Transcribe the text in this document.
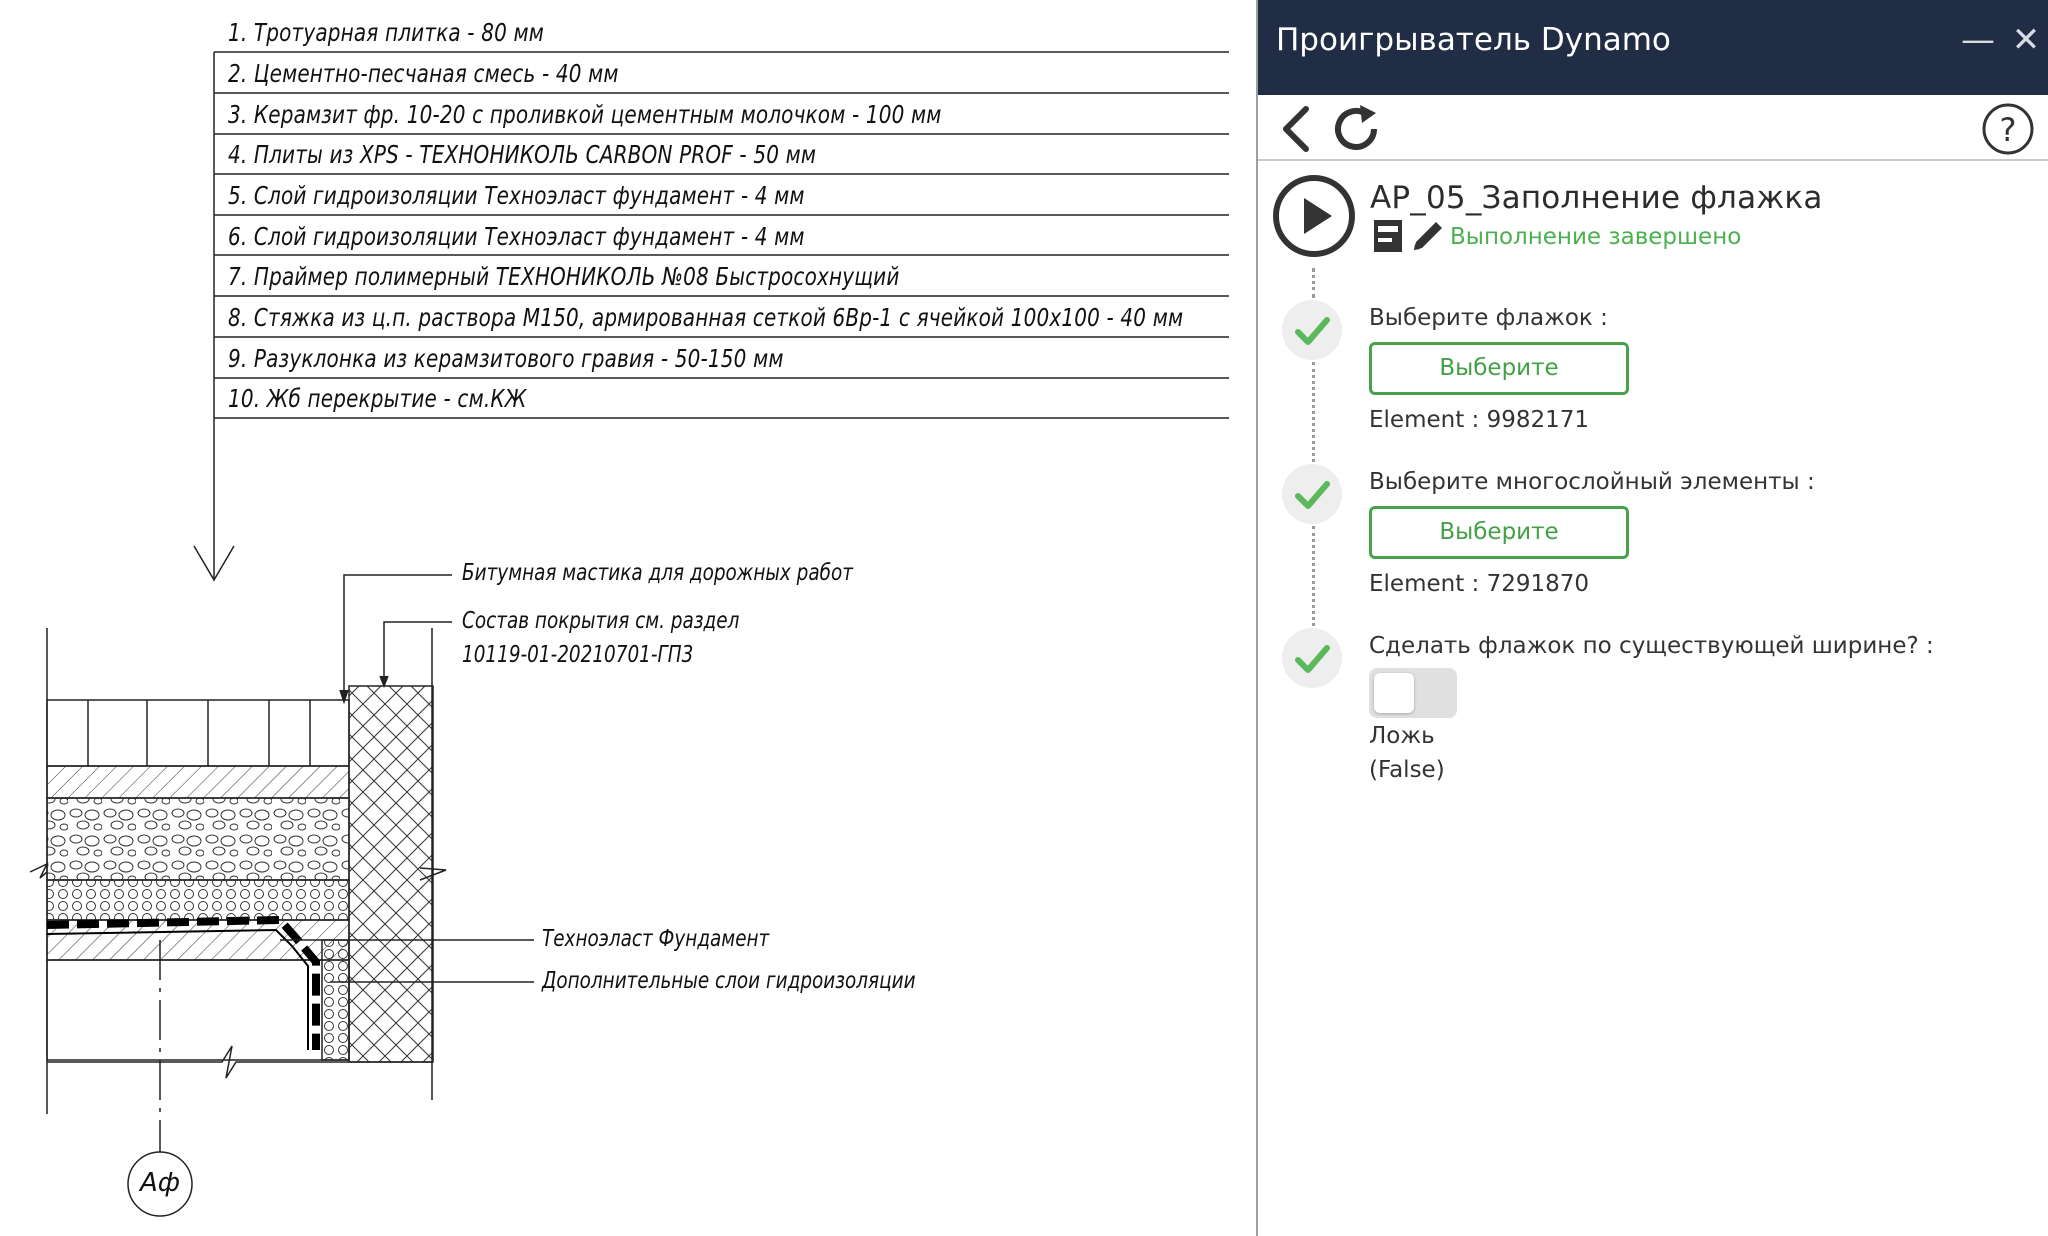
1. Тротуарная плитка - 80 мм
2. Цементно-песчаная смесь - 40 мм
3. Керамзит фр. 10-20 с проливкой цементным молочком - 100 мм
4. Плиты из XPS - ТЕХНОНИКОЛЬ CARBON PROF - 50 мм
5. Слой гидроизоляции Техноэласт фундамент - 4 мм
6. Слой гидроизоляции Техноэласт фундамент - 4 мм
7. Праймер полимерный ТЕХНОНИКОЛЬ №08 Быстросохнущий
8. Стяжка из ц.п. раствора М150, армированная сеткой 6Вр-1 с ячейкой 100х100 - 40 мм
9. Разуклонка из керамзитового гравия - 50-150 мм
10. Жб перекрытие - см.КЖ
Битумная мастика для дорожных работ
Состав покрытия см. раздел
10119-01-20210701-ГП3
Техноэласт Фундамент
Дополнительные слои гидроизоляции
Аф
Проигрыватель Dynamo	— ✕
?
AP_05_Заполнение флажка
Выполнение завершено
Выберите флажок :
Выберите
Element : 9982171
Выберите многослойный элементы :
Выберите
Element : 7291870
Сделать флажок по существующей ширине? :
Ложь
(False)
